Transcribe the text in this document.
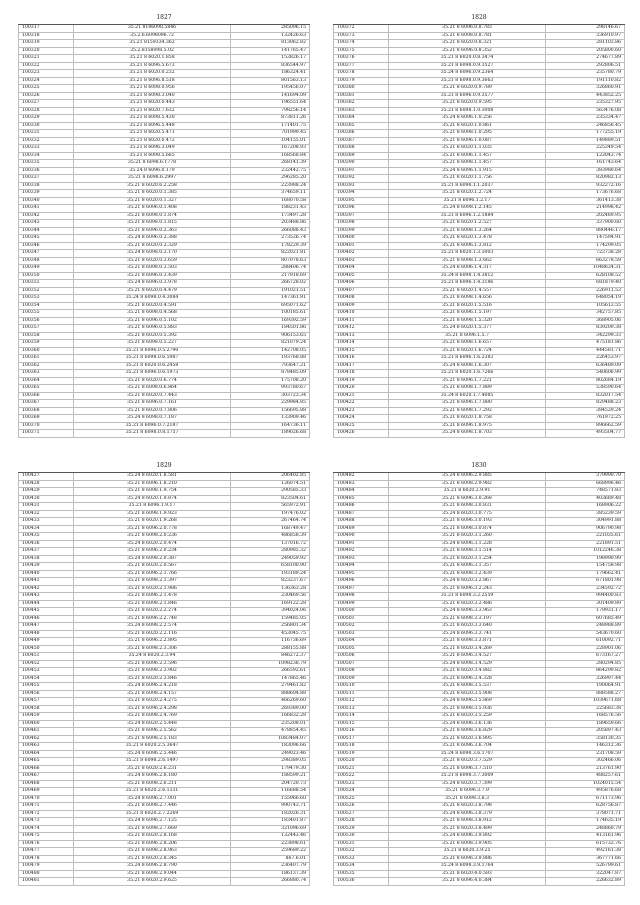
1827
100317	35.21 8186098.5846	285096.15
100318	35.2.6.6098096.72	132426.63
100319	35.21 8159334.362	813062.82
100320	35.2.8158098.5.02	141765.47
100321	35.21 8 6020.1.858	153826.17
100322	35.21 8 6096.5.673	836544.97
100323	35.21 8 6020.0.232	186324.41
100324	35.21 8 6096.8.518	801563.13
100325	35.21 8 6098.0.956	195456.07
100326	35.21 8 6098.3.040	141694.09
100327	35.21 8 6020.0.443	196551.64
100328	35.21 8 6020.7.632	798256.14
100329	35.21 8 6098.5.430	873811.26
100330	35.21 8 6096.5.448	171401.75
100331	35.21 8 6020.5.471	701999.45
100332	35.21 8 6020.0.472	104155.01
100333	35.21 8 6096.3.049	167208.93
100334	35.21 8 6098.5.665	168568.84
100335	35.21 8 6098.6.1778	268141.39
100336	35.24 8 6096.0.179	232442.75
100337	35.21 8 6098.6.2997	296285.20
100338	35.21 8 6020.6.2.258	223988.24
100339	35.21 8 6020.0.1.385	374659.11
100340	35.21 8 6020.0.1.327	168070.58
100341	35.21 8 6096.0.1.408	188231.43
100342	35.21 8 6098.0.1.874	173497.28
100343	35.21 8 6098.0.1.815	203488.86
100344	35.21 8 6096.0.2.363	266088.43
100345	35.24 8 6096.0.2.388	273526.74
100346	35.21 8 6020.0.2.329	178229.39
100347	35.24 8 6098.0.3.170	822021.81
100348	35.21 8 6020.0.3.659	807078.63
100349	35.21 8 6098.0.3.503	288406.74
100350	35.21 8 6096.0.3.439	217918.69
100351	35.24 8 6096.0.3.978	266728.02
100352	35.21 8 6020.0.4.479	191021.51
100353	35.24 8 6098.0.4.3084	147361.91
100354	35.21 8 6020.0.4.591	695071.62
100355	35.21 8 6098.0.4.568	100185.61
100356	35.21 8 6096.0.5.102	169392.59
100357	35.21 8 6096.0.5.883	184501.86
100358	35.21 8 6020.0.5.392	906153.65
100359	35.21 8 6098.0.5.227	821079.24
100360	35.21 8 6096.0.5.2790	142708.05
100361	35.21 8 6098.0.6.5987	193768.88
100362	35.21 8 6020.0.6.2458	793647.21
100363	35.21 8 6096.0.6.1973	878485.09
100364	35.21 8 6020.0.6.774	175708.20
100365	35.21 8 6098.0.6.864	993780.67
100366	35.21 8 6020.0.7.443	303723.34
100367	35.21 8 6096.0.7.161	229984.85
100368	35.21 8 6020.0.7.806	156695.88
100369	35.24 8 6098.0.7.187	133909.46
100370	35.21 8 6096.0.7.2187	164736.11
100371	35.21 8 6098.0.8.1757	189026.68
1828
100372	35.21 8 6096.0.8.783	298146.67
100373	35.21 8 6098.0.8.781	336910.97
100374	35.21 8 6020.0.8.321	281103.86
100375	35.21 8 6096.0.8.352	205800.60
100376	35.21 8 6020.0.8.3474	274677.89
100377	35.21 8 6098.0.9.3527	292806.51
100378	35.24 8 6096.0.9.2364	235780.79
100379	35.21 8 6098.0.9.3663	191110.82
100380	35.21 8 6020.0.9.789	326860.91
100381	35.21 8 6096.0.9.3577	443852.25
100382	35.21 8 6020.0.9.595	235327.95
100383	35.21 8 6098.1.0.3008	563476.08
100384	35.24 8 6096.1.0.256	235334.47
100385	35.21 8 6020.1.0.861	246856.45
100386	35.21 8 6098.1.0.295	177255.19
100387	35.21 8 6096.1.0.087	149889.51
100388	35.21 8 6020.1.1.035	225349.54
100389	35.21 8 6096.1.1.457	123043.74
100390	35.21 8 6098.1.1.457	161743.64
100391	35.24 8 6096.1.1.915	383980.64
100392	35.21 8 6020.1.1.756	820982.13
100393	35.21 8 6098.1.1.2037	932272.16
100394	35.21 8 6020.1.2.724	173676.68
100395	35.21 8 6096.1.2.17	361413.38
100396	35.24 8 6098.1.2.145	214998.42
100397	35.21 8 6096.1.2.1884	202489.95
100398	35.21 8 6020.1.2.527	337900.60
100399	35.21 8 6098.1.3.264	880446.17
100400	35.21 8 6020.1.3.478	147594.91
100401	35.21 8 6096.1.3.812	174299.05
100402	35.21 8 6020.1.3.3003	723738.28
100403	35.21 8 6098.1.3.662	663278.59
100404	35.24 8 6096.1.4.317	1048634.31
100405	35.24 8 6098.1.4.3812	628108.52
100406	35.21 8 6096.1.4.3186	681879.40
100407	35.21 8 6020.1.4.557	226911.53
100408	35.21 8 6098.1.4.656	648054.19
100409	35.21 8 6020.1.5.516	105613.55
100410	35.21 8 6096.1.5.197	342757.85
100411	35.21 8 6098.1.5.320	368905.06
100412	35.24 8 6020.1.5.377	839209.38
100413	35.21 8 6096.1.5.7	342299.33
100414	35.21 8 6098.1.6.657	475181.86
100415	35.21 8 6020.1.6.724	444581.71
100416	35.21 8 6096.1.6.2383	226453.97
100417	35.24 8 6098.1.6.307	636489.09
100418	35.21 8 6020.1.6.7266	540606.99
100419	35.21 8 6096.1.7.221	802684.19
100420	35.21 8 6098.1.7.889	538590.64
100421	35.24 8 6020.1.7.4085	832017.54
100422	35.21 8 6096.1.7.880	829488.23
100423	35.21 8 6098.1.7.292	384529.24
100424	35.21 8 6020.1.8.758	761972.25
100425	35.21 8 6096.1.8.975	896662.59
100426	35.24 8 6098.1.8.703	493504.77
1829
100427	35.24 8 6020.1.8.581	206402.85
100428	35.21 8 6096.1.8.210	126074.51
100429	35.21 8 6098.1.9.754	290585.33
100430	35.24 8 6020.1.9.874	823504.61
100431	35.21 8 6096.1.9.17	565972.91
100432	35.21 8 6098.1.9.923	197476.02
100433	35.21 8 6020.1.9.268	267464.74
100434	35.21 8 6096.2.0.778	168749.47
100435	35.21 8 6098.2.0.236	486858.39
100436	35.24 8 6020.2.0.474	137016.72
100437	35.21 8 6096.2.0.234	280985.32
100438	35.24 8 6098.2.0.387	249059.92
100439	35.21 8 6020.2.0.567	658100.90
100440	35.21 8 6096.2.1.766	193189.24
100441	35.21 8 6098.2.1.397	823237.67
100442	35.21 8 6020.2.1.986	136363.28
100443	35.21 8 6096.2.1.478	230469.56
100444	35.21 8 6098.2.1.846	169122.28
100445	35.21 8 6020.2.2.274	394024.06
100446	35.21 8 6096.2.2.748	159485.05
100447	35.24 8 6098.2.2.574	256801.34
100448	35.21 8 6020.2.2.116	453045.75
100449	35.21 8 6096.2.2.895	116736.69
100450	35.21 8 6098.2.3.306	288155.88
100451	35.24 8 6020.2.3.94	846272.37
100452	35.21 8 6096.2.3.596	1098238.79
100453	35.21 8 6098.2.3.902	266592.61
100454	35.21 8 6020.2.3.846	147865.46
100455	35.24 8 6096.2.4.218	279461.82
100456	35.21 8 6098.2.4.157	888604.88
100457	35.21 8 6020.2.4.275	466269.60
100458	35.21 8 6096.2.4.298	269389.00
100459	35.21 8 6098.2.4.769	166832.28
100460	35.24 8 6020.2.5.448	235208.01
100461	35.21 8 6096.2.5.562	478854.45
100462	35.21 8 6098.2.5.183	1083484.07
100463	35.21 8 6020.2.5.3647	183096.66
100464	35.24 8 6096.2.5.446	249023.46
100465	35.21 8 6098.2.6.1497	298389.05
100466	35.21 8 6020.2.6.231	179479.30
100467	35.24 8 6096.2.6.180	188599.21
100468	35.21 8 6098.2.6.211	204720.73
100469	35.21 8 6020.2.6.1331	116688.54
100470	35.24 8 6096.2.7.001	155966.60
100471	35.21 8 6098.2.7.446	990743.71
100472	35.21 8 6020.2.7.2269	182026.31
100473	35.24 8 6096.2.7.125	183401.87
100474	35.21 8 6098.2.7.669	321096.69
100475	35.21 8 6020.2.8.168	132443.46
100476	35.21 8 6096.2.8.206	223898.61
100477	35.21 8 6098.2.8.963	259689.22
100478	35.21 8 6020.2.8.345	867.6.01
100479	35.24 8 6096.2.8.790	236407.79
100480	35.21 8 6098.2.9.044	186137.39
100481	35.21 8 6020.2.9.625	266880.74
1830
100482	35.24 8 6096.2.9.885	379990.70
100483	35.21 8 6098.2.9.982	668996.46
100484	35.21 8 6020.2.9.91	748571.83
100485	35.21 8 6096.3.0.268	403689.48
100486	35.21 8 6098.3.0.831	168906.22
100487	35.24 8 6020.3.0.775	385239.59
100488	35.21 8 6096.3.0.193	304991.88
100489	35.21 8 6098.3.0.874	906790.98
100490	35.21 8 6020.3.1.260	221035.61
100491	35.24 8 6096.3.1.228	221891.51
100492	35.21 8 6098.3.1.514	1012246.38
100493	35.21 8 6020.3.1.254	198990.99
100494	35.21 8 6096.3.1.357	154758.98
100495	35.21 8 6098.3.2.439	179662.41
100496	35.24 8 6020.3.2.867	671801.98
100497	35.21 8 6096.3.2.243	234592.72
100498	35.21 8 6098.3.2.2559	994400.83
100499	35.21 8 6020.3.2.486	301409.89
100500	35.24 8 6096.3.3.963	179931.17
100501	35.21 8 6098.3.3.197	607685.49
100502	35.21 8 6020.3.3.640	248988.89
100503	35.24 8 6096.3.3.741	543670.60
100504	35.21 8 6098.3.3.871	610092.71
100505	35.21 8 6020.3.4.269	228901.06
100506	35.21 8 6096.3.4.527	673167.27
100507	35.24 8 6098.3.4.529	280294.85
100508	35.21 8 6020.3.4.882	864299.82
100509	35.21 8 6096.3.4.328	326997.44
100510	35.21 8 6098.3.5.537	190064.91
100511	35.21 8 6020.3.5.908	888588.27
100512	35.24 8 6096.3.5.869	1039671.68
100513	35.21 8 6098.3.5.936	225683.38
100514	35.21 8 6020.3.5.259	168576.56
100515	35.24 8 6096.3.6.136	189659.66
100516	35.21 8 6098.3.6.829	205897.43
100517	35.21 8 6020.3.6.895	358130.35
100518	35.21 8 6096.3.6.704	146312.36
100519	35.24 8 6098.3.6.1707	231708.59
100520	35.21 8 6020.3.7.529	302466.06
100521	35.21 8 6096.3.7.510	213761.90
100522	35.21 8 6098.3.7.3009	488257.61
100523	35.24 8 6020.3.7.399	1024015.54
100524	35.21 8 6096.3.7.9	495876.68
100525	35.21 8 6098.3.8.3	671173.96
100526	35.21 8 6020.3.8.798	628756.87
100527	35.24 8 6096.3.8.379	378071.71
100528	35.21 8 6098.3.8.912	174635.19
100529	35.21 8 6020.3.8.499	248860.79
100530	35.24 8 6096.3.9.892	413161.96
100531	35.21 8 6098.3.9.905	615732.76
100532	35.21 8 6020.3.9.25	492161.38
100533	35.21 8 6096.3.9.886	367771.66
100534	35.24 8 6098.3.9.1764	526799.61
100535	35.21 8 6020.4.0.593	322047.87
100536	35.21 8 6096.4.0.384	226632.89
